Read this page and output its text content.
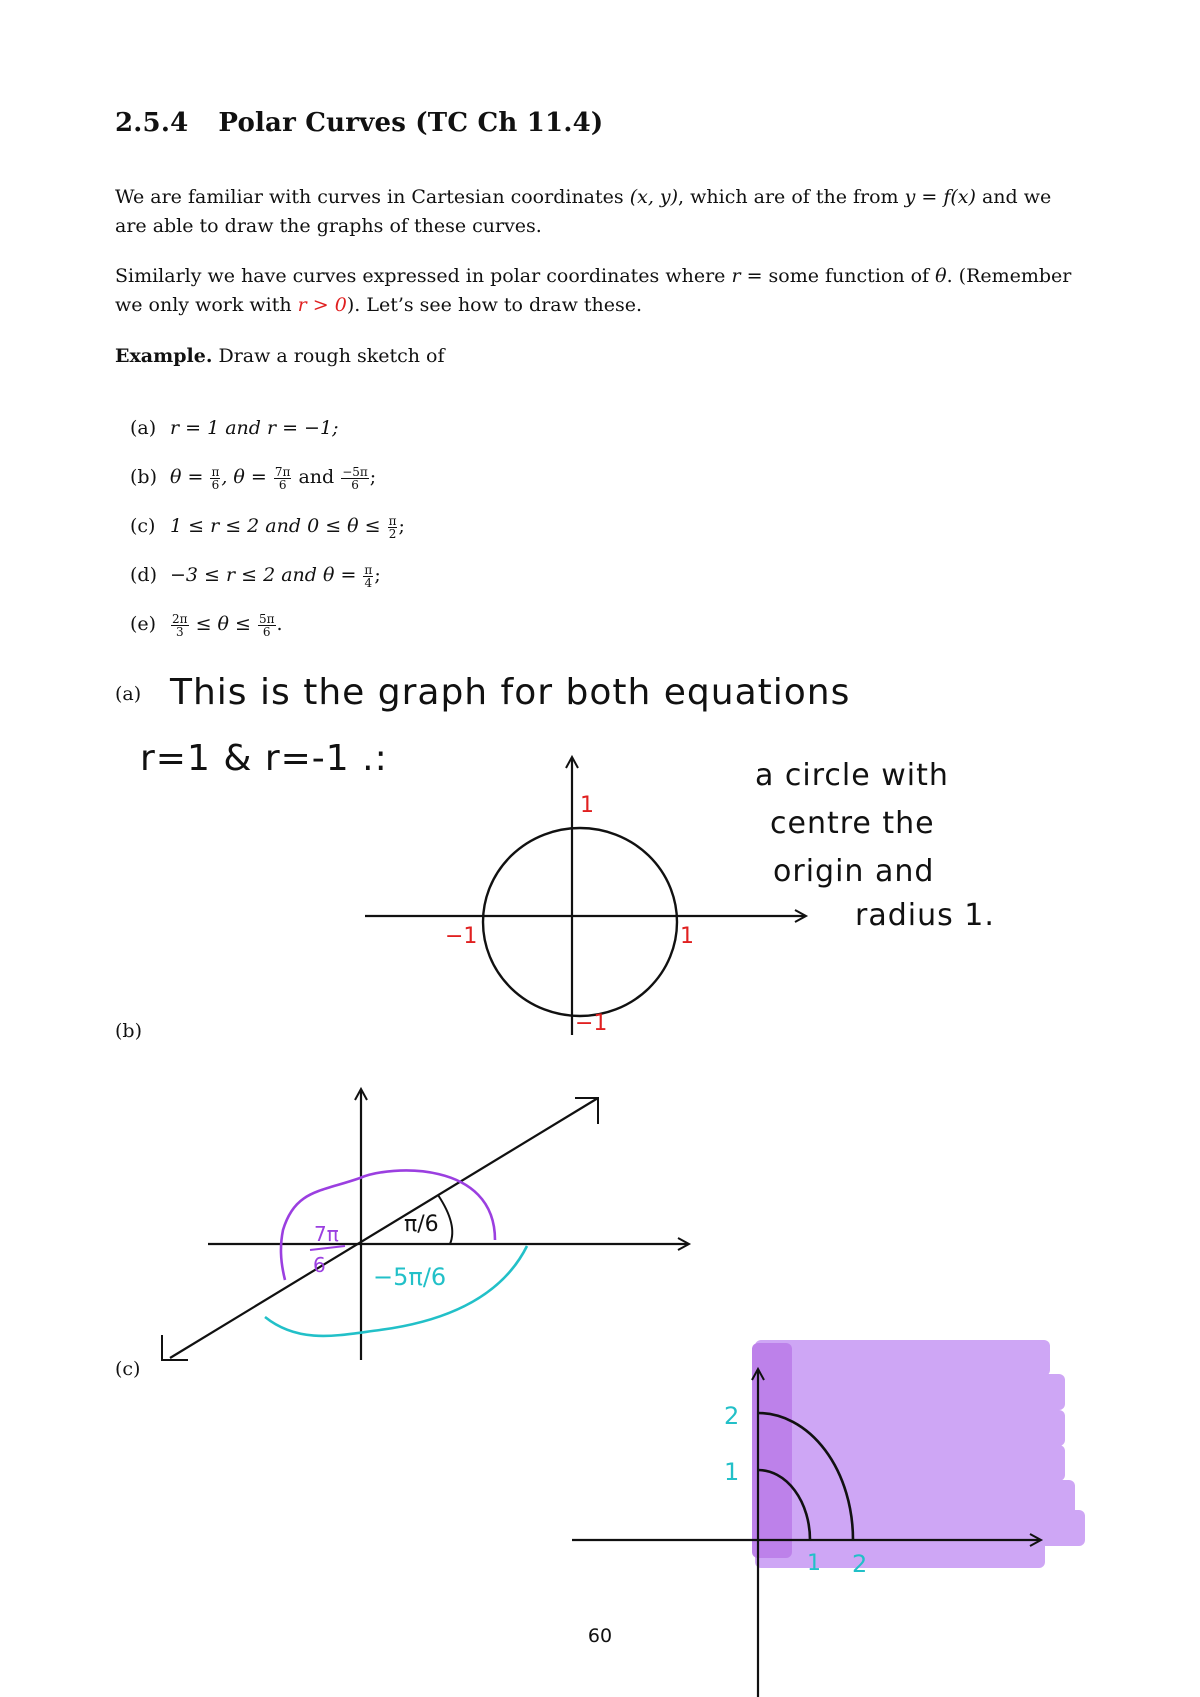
2.5.4 Polar Curves (TC Ch 11.4)

We are familiar with curves in Cartesian coordinates (x, y), which are of the from y = f(x) and we are able to draw the graphs of these curves.

Similarly we have curves expressed in polar coordinates where r = some function of θ. (Remember we only work with r > 0). Let’s see how to draw these.

Example. Draw a rough sketch of

(a) r = 1 and r = −1;
(b) $\theta = \frac{\pi}{6}$ , $\theta = \frac{7\pi}{6}$ and $\frac{-5\pi}{6}$ ;
(c) 1 ≤ r ≤ 2 and $0 \le \theta \le \frac{\pi}{2}$ ;
(d) −3 ≤ r ≤ 2 and $\theta = \frac{\pi}{4}$ ;
$(e) \frac{2\pi}{3} \le \theta \le \frac{5\pi}{6}$ .
(a)
(b)
(c)
This is the graph for both equations
r=1 & r=-1 .:	a circle with
centre the
origin and
radius 1.
1
−1	1
−1
π/6
7π
6 −5π/6
2
1
1 2
60
